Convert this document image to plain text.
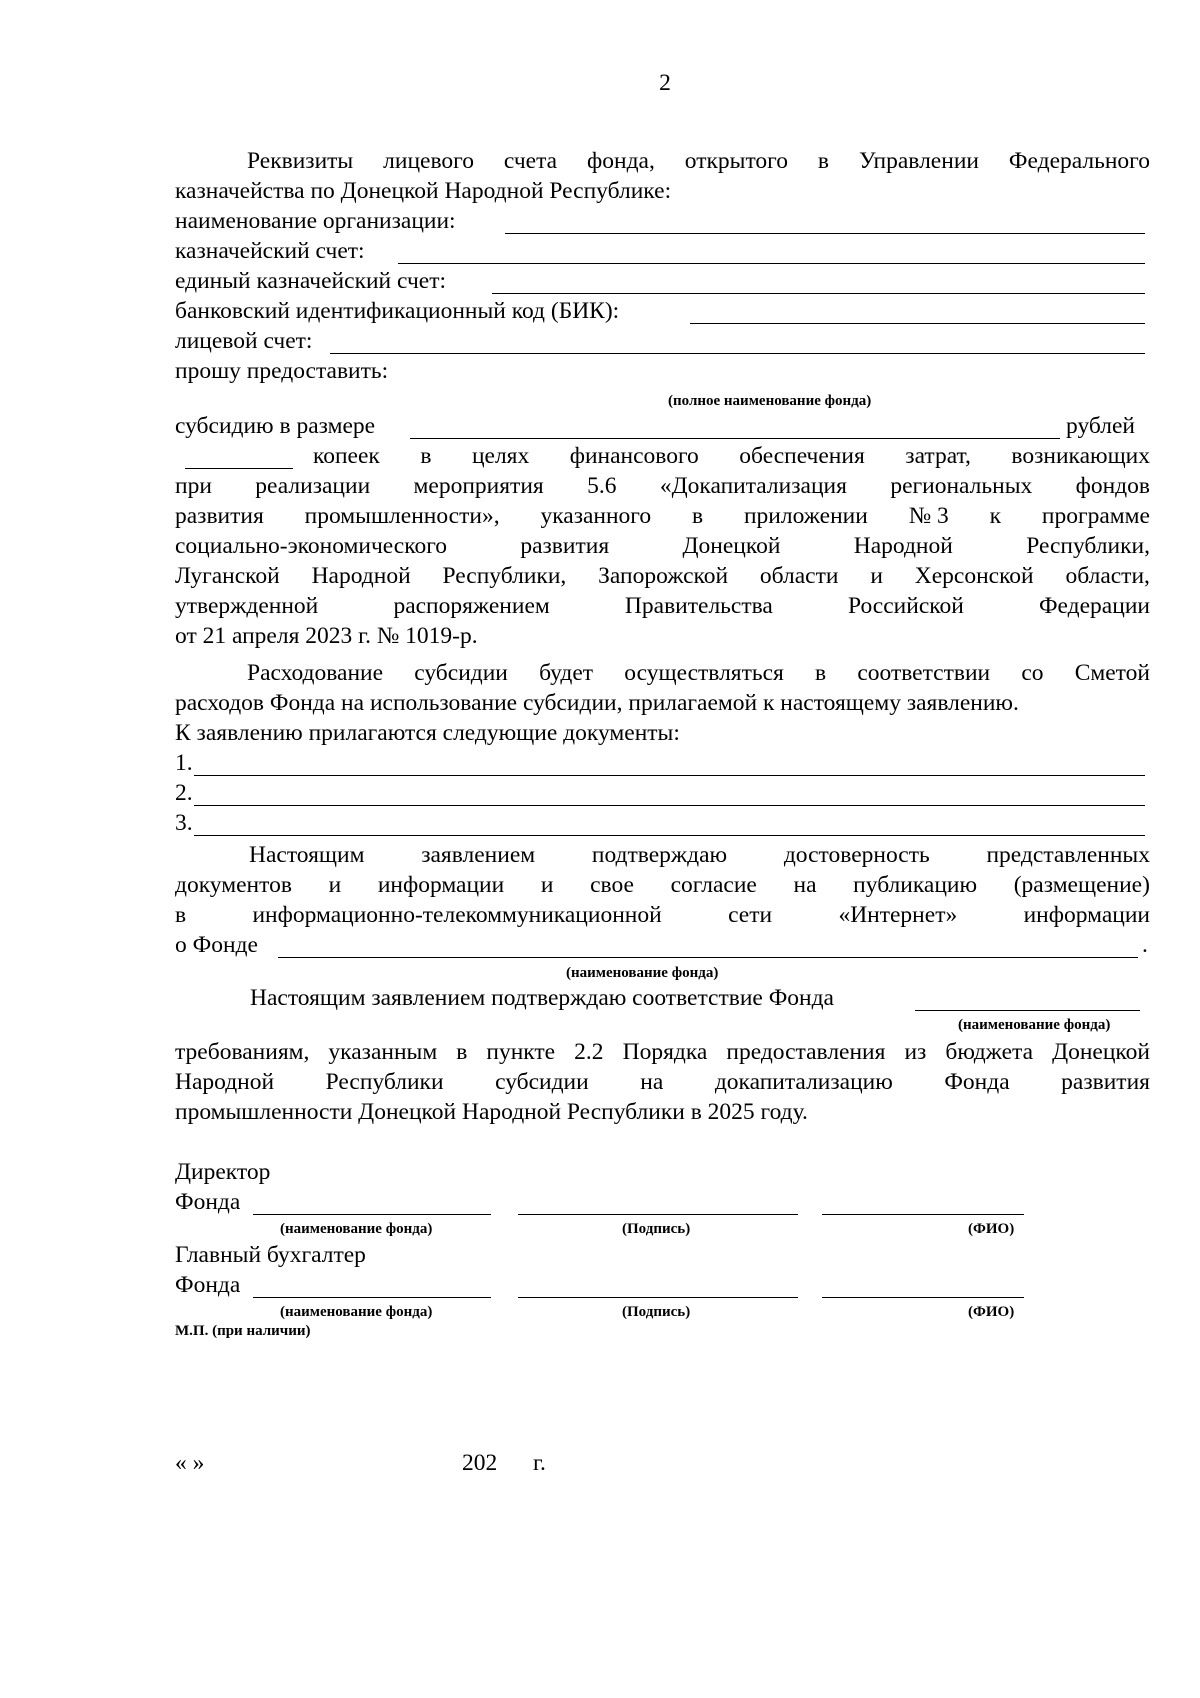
2
Реквизиты лицевого счета фонда, открытого в Управлении Федерального
казначейства по Донецкой Народной Республике:
наименование организации:
казначейский счет:
единый казначейский счет:
банковский идентификационный код (БИК):
лицевой счет:
прошу предоставить:
(полное наименование фонда)
субсидию в размере	рублей
копеек в целях финансового обеспечения затрат, возникающих
при реализации мероприятия 5.6 «Докапитализация региональных фондов
развития промышленности», указанного в приложении № 3 к программе
социально-экономического	развития	Донецкой	Народной	Республики,
Луганской Народной Республики, Запорожской области и Херсонской области,
утвержденной	распоряжением	Правительства	Российской	Федерации
от 21 апреля 2023 г. № 1019-р.
Расходование субсидии будет осуществляться в соответствии со Сметой
расходов Фонда на использование субсидии, прилагаемой к настоящему заявлению.
К заявлению прилагаются следующие документы:
1.
2.
3.
Настоящим заявлением подтверждаю достоверность представленных
документов и информации и свое согласие на публикацию (размещение)
в	информационно-телекоммуникационной	сети	«Интернет»	информации
о Фонде	.
(наименование фонда)
Настоящим заявлением подтверждаю соответствие Фонда
(наименование фонда)
требованиям, указанным в пункте 2.2 Порядка предоставления из бюджета Донецкой
Народной Республики субсидии на докапитализацию Фонда развития
промышленности Донецкой Народной Республики в 2025 году.
Директор
Фонда
(наименование фонда)	(Подпись)	(ФИО)
Главный бухгалтер
Фонда
(наименование фонда)	(Подпись)	(ФИО)
М.П. (при наличии)
« »	202 г.
